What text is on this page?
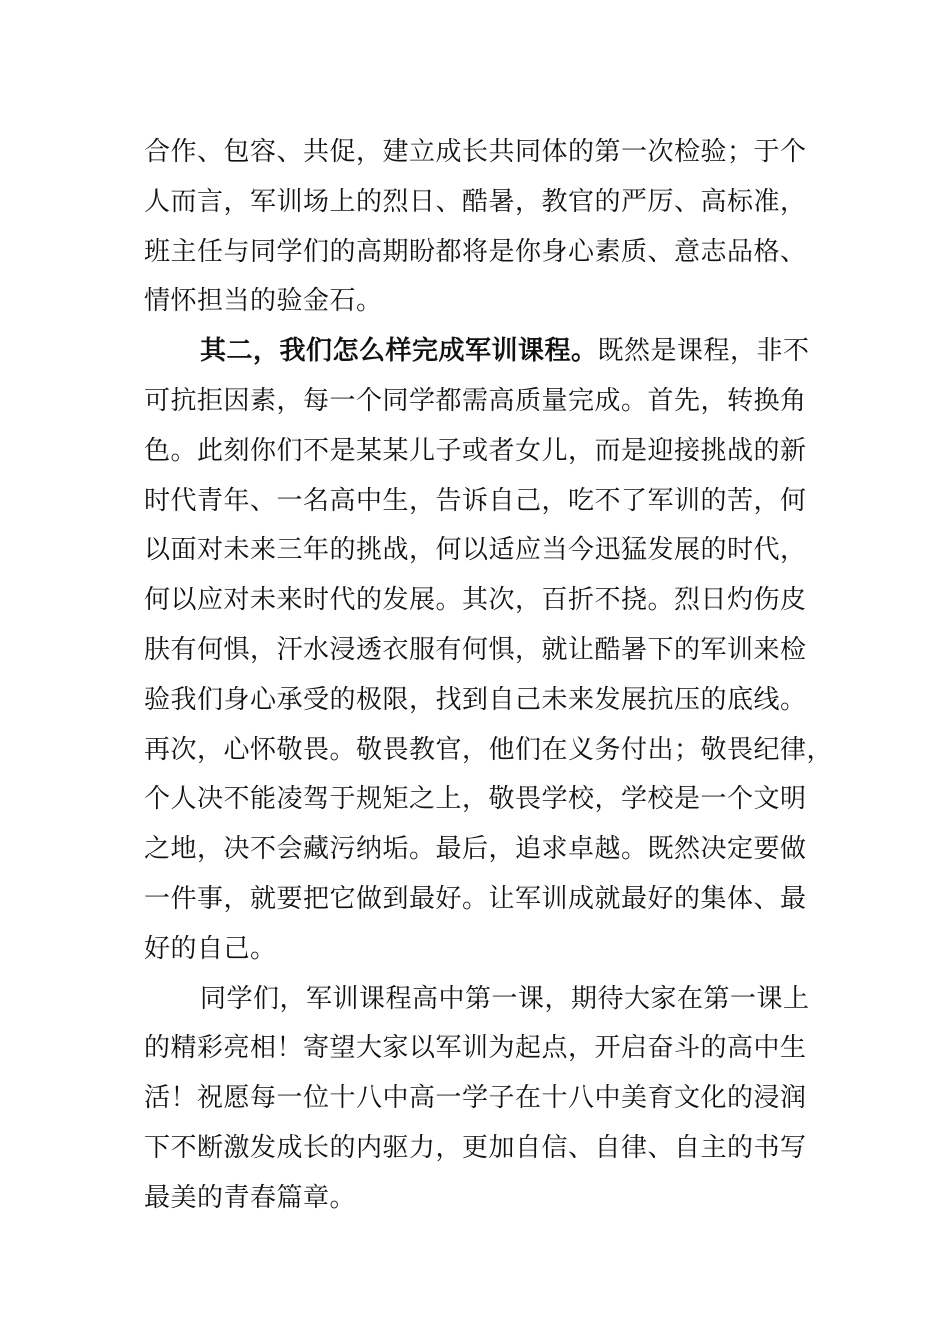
合作、包容、共促，建立成长共同体的第一次检验；于个
人而言，军训场上的烈日、酷暑，教官的严厉、高标准，
班主任与同学们的高期盼都将是你身心素质、意志品格、
情怀担当的验金石。

其二，我们怎么样完成军训课程。既然是课程，非不
可抗拒因素，每一个同学都需高质量完成。首先，转换角
色。此刻你们不是某某儿子或者女儿，而是迎接挑战的新
时代青年、一名高中生，告诉自己，吃不了军训的苦，何
以面对未来三年的挑战，何以适应当今迅猛发展的时代，
何以应对未来时代的发展。其次，百折不挠。烈日灼伤皮
肤有何惧，汗水浸透衣服有何惧，就让酷暑下的军训来检
验我们身心承受的极限，找到自己未来发展抗压的底线。
再次，心怀敬畏。敬畏教官，他们在义务付出；敬畏纪律，
个人决不能凌驾于规矩之上，敬畏学校，学校是一个文明
之地，决不会藏污纳垢。最后，追求卓越。既然决定要做
一件事，就要把它做到最好。让军训成就最好的集体、最
好的自己。

同学们，军训课程高中第一课，期待大家在第一课上
的精彩亮相！寄望大家以军训为起点，开启奋斗的高中生
活！祝愿每一位十八中高一学子在十八中美育文化的浸润
下不断激发成长的内驱力，更加自信、自律、自主的书写
最美的青春篇章。
